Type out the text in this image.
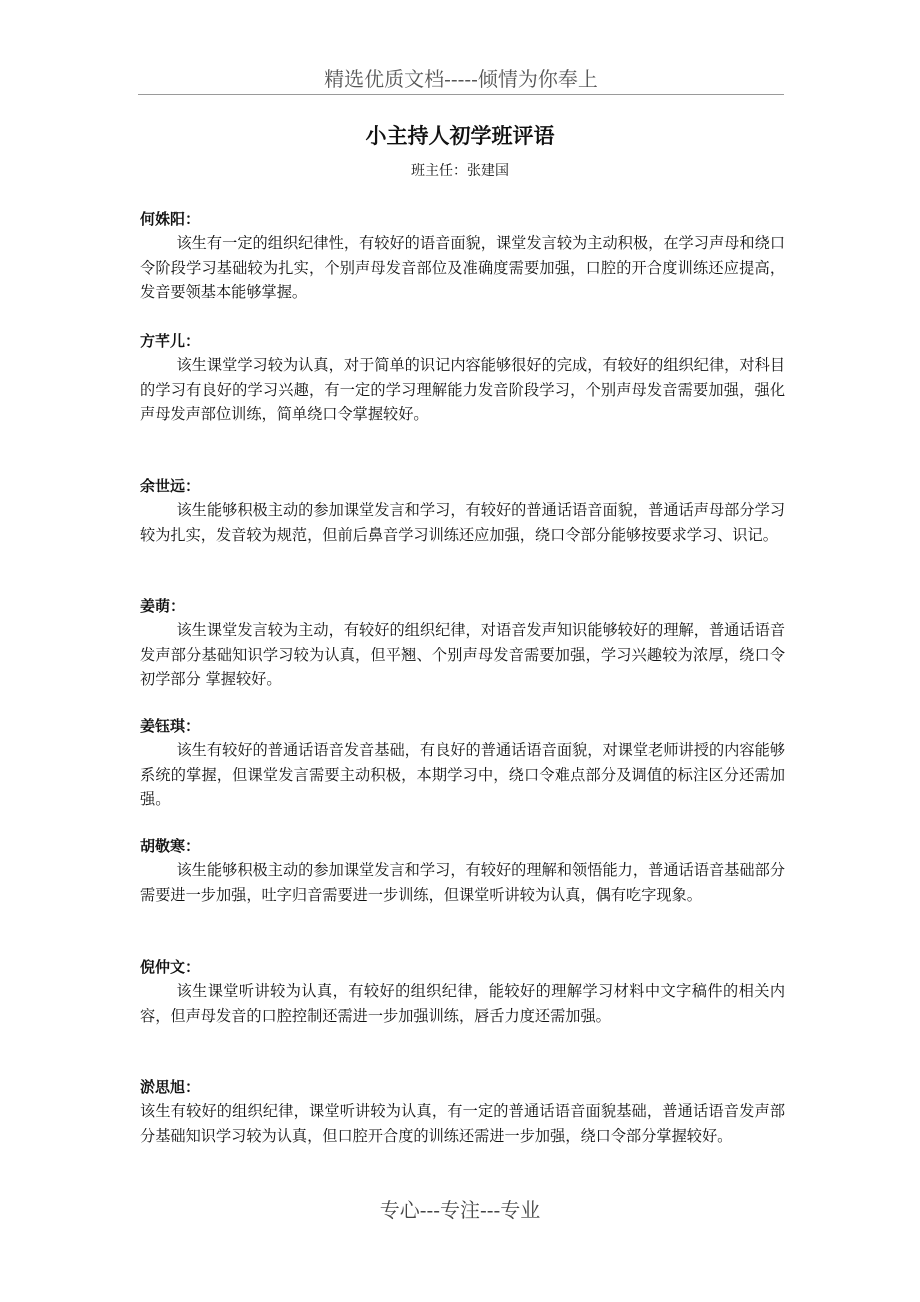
精选优质文档-----倾情为你奉上
小主持人初学班评语
班主任：张建国
何姝阳：

该生有一定的组织纪律性，有较好的语音面貌，课堂发言较为主动积极，在学习声母和绕口令阶段学习基础较为扎实，个别声母发音部位及准确度需要加强，口腔的开合度训练还应提高，发音要领基本能够掌握。

方芊儿：

该生课堂学习较为认真，对于简单的识记内容能够很好的完成，有较好的组织纪律，对科目的学习有良好的学习兴趣，有一定的学习理解能力发音阶段学习，个别声母发音需要加强，强化声母发声部位训练，简单绕口令掌握较好。

余世远：

该生能够积极主动的参加课堂发言和学习，有较好的普通话语音面貌，普通话声母部分学习较为扎实，发音较为规范，但前后鼻音学习训练还应加强，绕口令部分能够按要求学习、识记。

姜萌：

该生课堂发言较为主动，有较好的组织纪律，对语音发声知识能够较好的理解，普通话语音发声部分基础知识学习较为认真，但平翘、个别声母发音需要加强，学习兴趣较为浓厚，绕口令初学部分 掌握较好。

姜钰琪：

该生有较好的普通话语音发音基础，有良好的普通话语音面貌，对课堂老师讲授的内容能够系统的掌握，但课堂发言需要主动积极，本期学习中，绕口令难点部分及调值的标注区分还需加强。

胡敬寒：

该生能够积极主动的参加课堂发言和学习，有较好的理解和领悟能力，普通话语音基础部分需要进一步加强，吐字归音需要进一步训练，但课堂听讲较为认真，偶有吃字现象。

倪仲文：

该生课堂听讲较为认真，有较好的组织纪律，能较好的理解学习材料中文字稿件的相关内容，但声母发音的口腔控制还需进一步加强训练，唇舌力度还需加强。

淤思旭：

该生有较好的组织纪律，课堂听讲较为认真，有一定的普通话语音面貌基础，普通话语音发声部分基础知识学习较为认真，但口腔开合度的训练还需进一步加强，绕口令部分掌握较好。

专心---专注---专业
